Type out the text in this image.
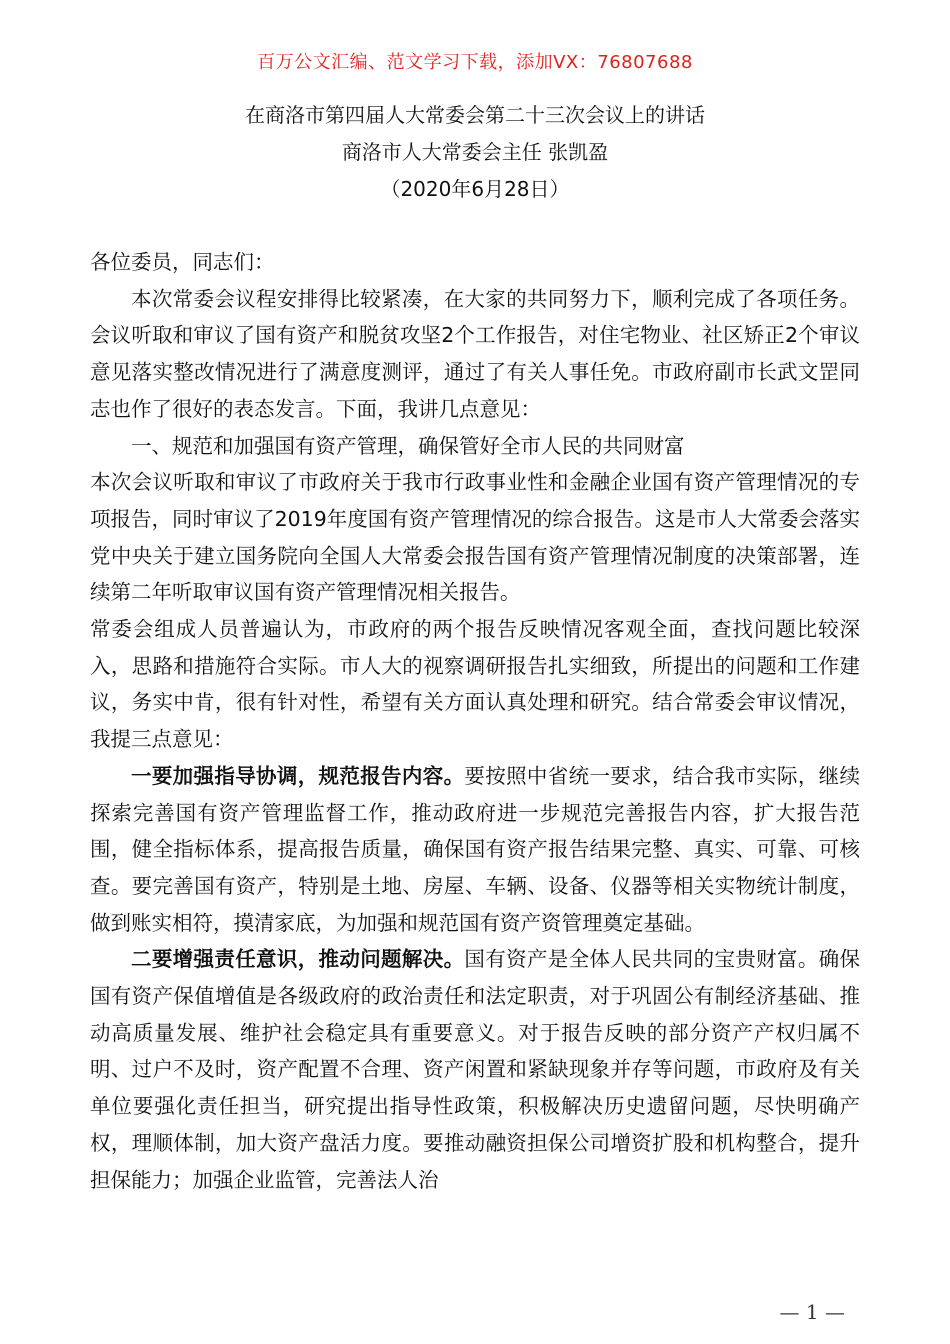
百万公文汇编、范文学习下载，添加VX：76807688
在商洛市第四届人大常委会第二十三次会议上的讲话
商洛市人大常委会主任 张凯盈
（2020年6月28日）

各位委员，同志们：

本次常委会议程安排得比较紧凑，在大家的共同努力下，顺利完成了各项任务。会议听取和审议了国有资产和脱贫攻坚2个工作报告，对住宅物业、社区矫正2个审议意见落实整改情况进行了满意度测评，通过了有关人事任免。市政府副市长武文罡同志也作了很好的表态发言。下面，我讲几点意见：

一、规范和加强国有资产管理，确保管好全市人民的共同财富

本次会议听取和审议了市政府关于我市行政事业性和金融企业国有资产管理情况的专项报告，同时审议了2019年度国有资产管理情况的综合报告。这是市人大常委会落实党中央关于建立国务院向全国人大常委会报告国有资产管理情况制度的决策部署，连续第二年听取审议国有资产管理情况相关报告。

常委会组成人员普遍认为，市政府的两个报告反映情况客观全面，查找问题比较深入，思路和措施符合实际。市人大的视察调研报告扎实细致，所提出的问题和工作建议，务实中肯，很有针对性，希望有关方面认真处理和研究。结合常委会审议情况，我提三点意见：

一要加强指导协调，规范报告内容。要按照中省统一要求，结合我市实际，继续探索完善国有资产管理监督工作，推动政府进一步规范完善报告内容，扩大报告范围，健全指标体系，提高报告质量，确保国有资产报告结果完整、真实、可靠、可核查。要完善国有资产，特别是土地、房屋、车辆、设备、仪器等相关实物统计制度，做到账实相符，摸清家底，为加强和规范国有资产资管理奠定基础。

二要增强责任意识，推动问题解决。国有资产是全体人民共同的宝贵财富。确保国有资产保值增值是各级政府的政治责任和法定职责，对于巩固公有制经济基础、推动高质量发展、维护社会稳定具有重要意义。对于报告反映的部分资产产权归属不明、过户不及时，资产配置不合理、资产闲置和紧缺现象并存等问题，市政府及有关单位要强化责任担当，研究提出指导性政策，积极解决历史遗留问题，尽快明确产权，理顺体制，加大资产盘活力度。要推动融资担保公司增资扩股和机构整合，提升担保能力；加强企业监管，完善法人治

— 1 —
